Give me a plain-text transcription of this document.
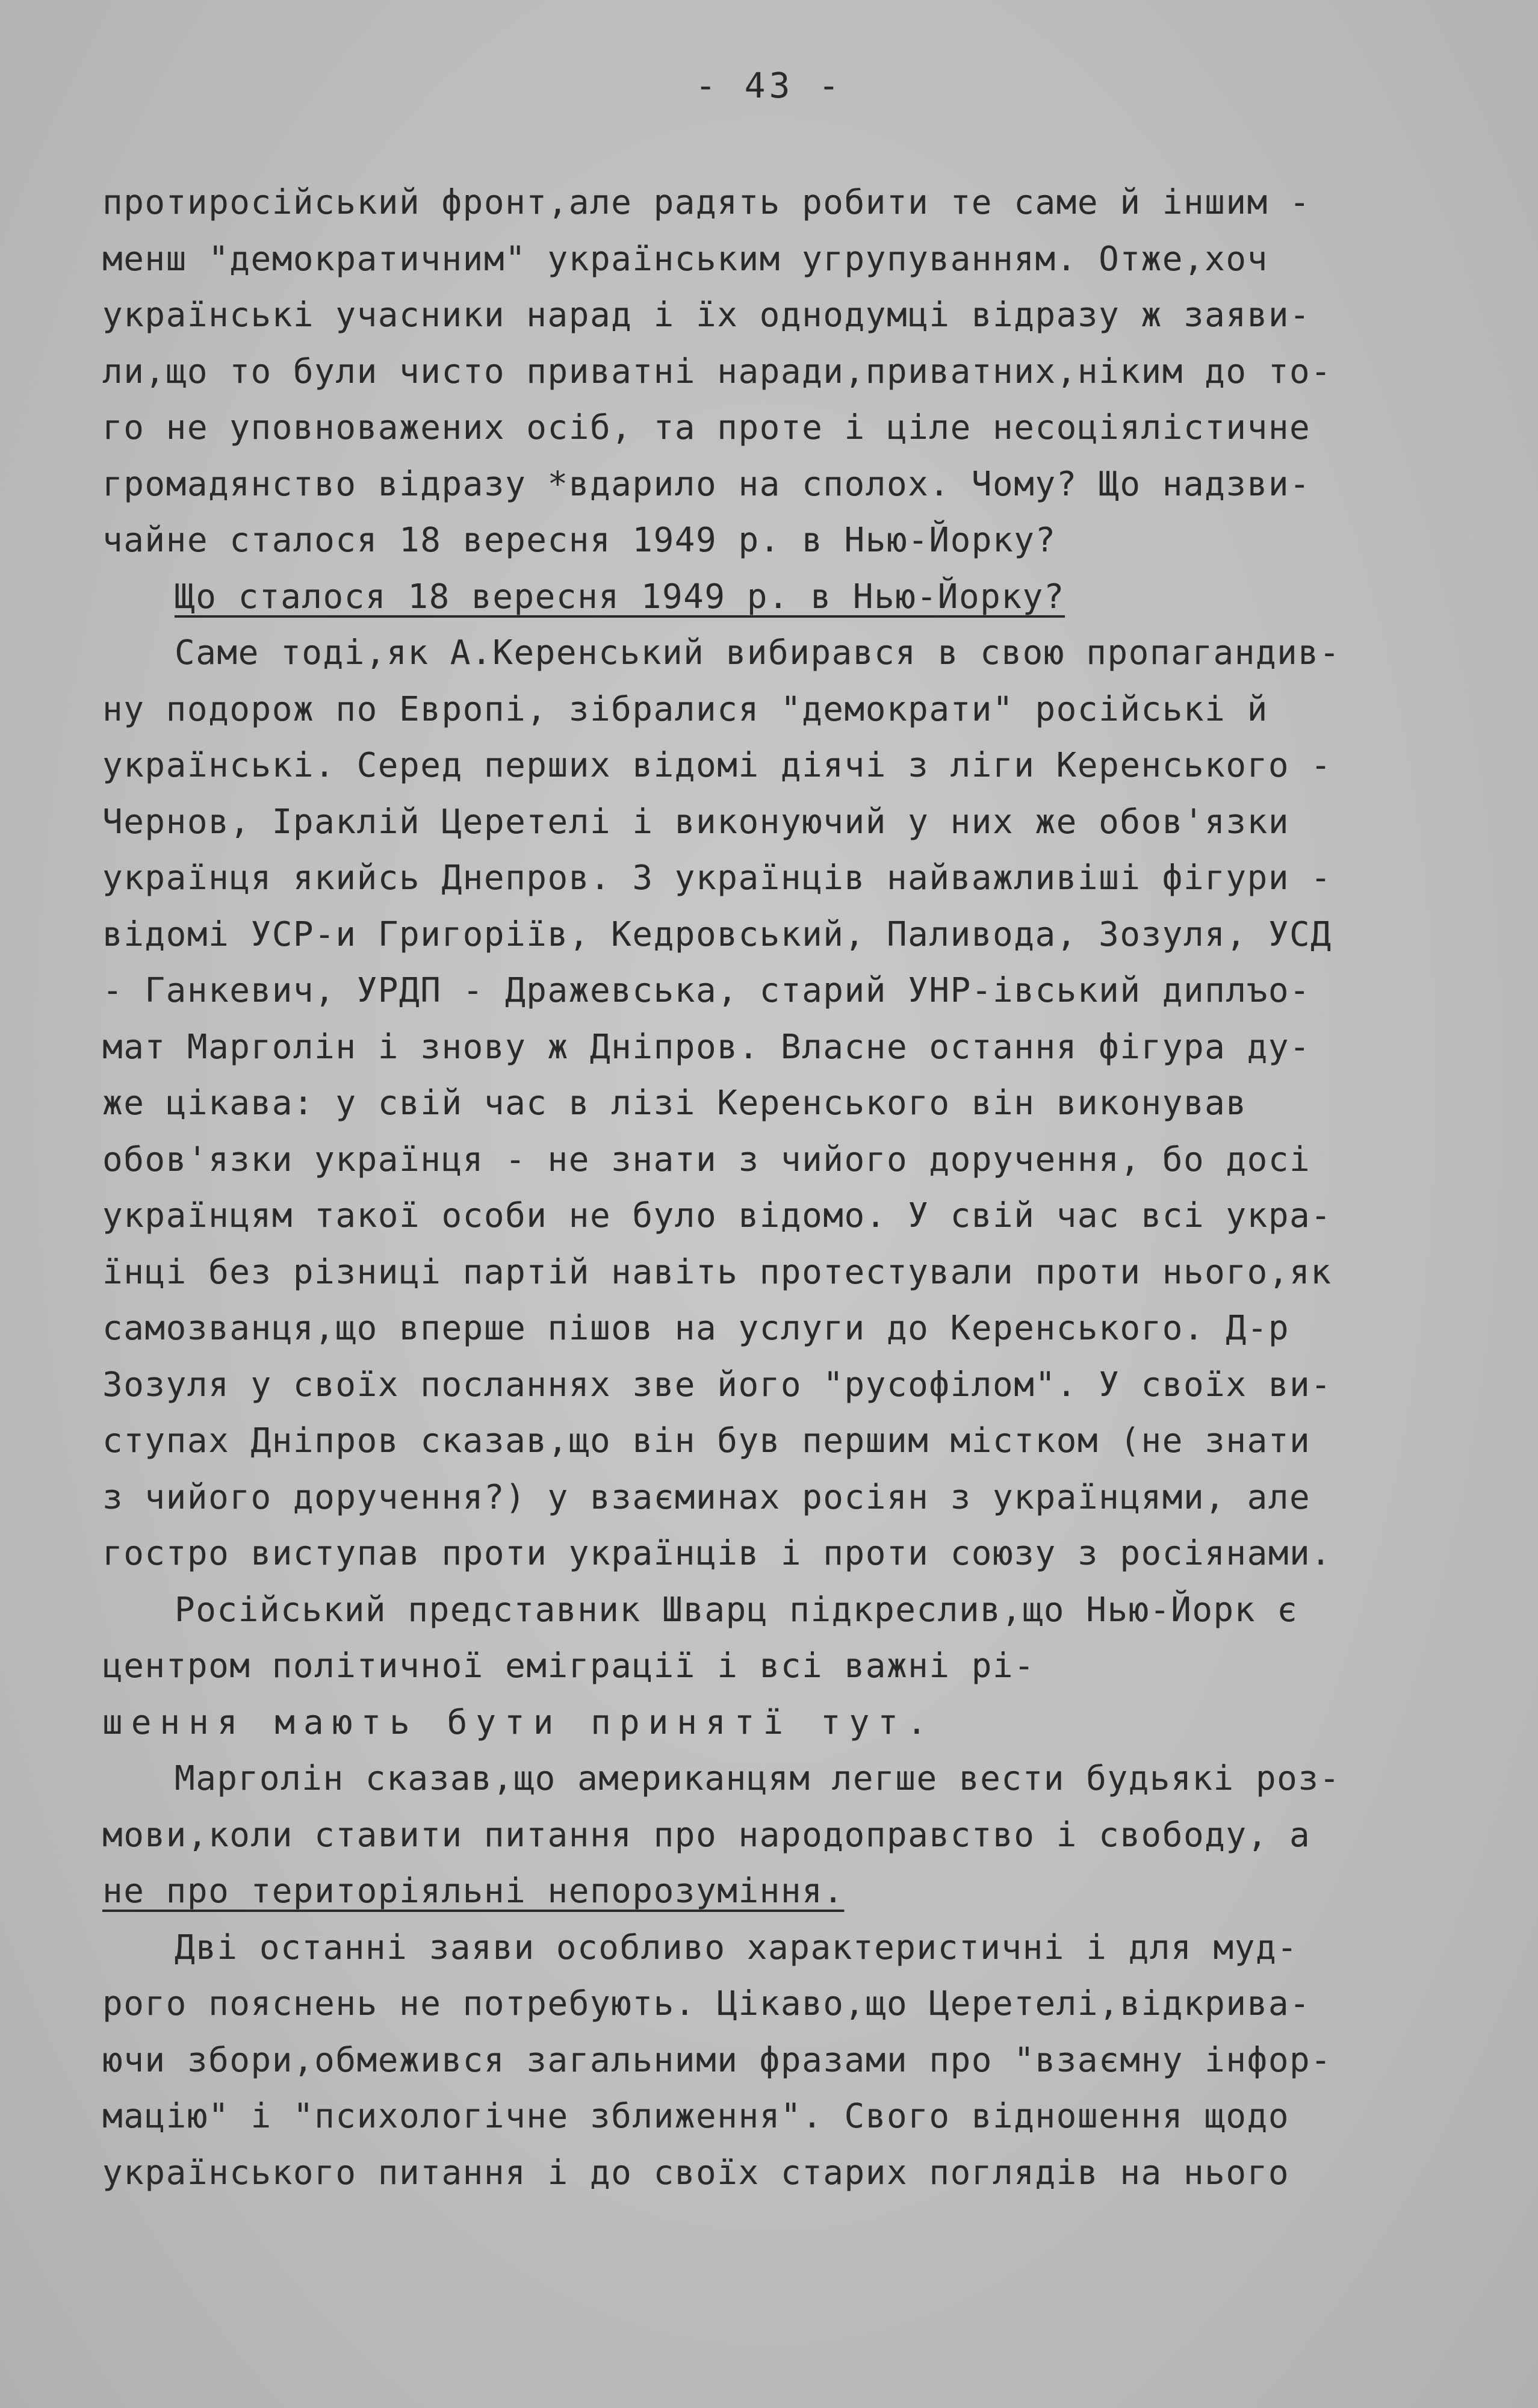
- 43 -
протиросійський фронт,але радять робити те саме й іншим -
менш "демократичним" українським угрупуванням. Отже,хоч
українські учасники нарад і їх однодумці відразу ж заяви-
ли,що то були чисто приватні наради,приватних,ніким до то-
го не уповноважених осіб, та проте і ціле несоціялістичне
громадянство відразу *вдарило на сполох. Чому? Що надзви-
чайне сталося 18 вересня 1949 р. в Нью-Йорку?
Що сталося 18 вересня 1949 р. в Нью-Йорку?
Саме тоді,як А.Керенський вибирався в свою пропагандив-
ну подорож по Европі, зібралися "демократи" російські й
українські. Серед перших відомі діячі з ліги Керенського -
Чернов, Іраклій Церетелі і виконуючий у них же обов'язки
українця якийсь Днепров. З українців найважливіші фігури -
відомі УСР-и Григоріїв, Кедровський, Паливода, Зозуля, УСД
- Ганкевич, УРДП - Дражевська, старий УНР-івський диплъо-
мат Марголін і знову ж Дніпров. Власне остання фігура ду-
же цікава: у свій час в лізі Керенського він виконував
обов'язки українця - не знати з чийого доручення, бо досі
українцям такої особи не було відомо. У свій час всі укра-
їнці без різниці партій навіть протестували проти нього,як
самозванця,що вперше пішов на услуги до Керенського. Д-р
Зозуля у своїх посланнях зве його "русофілом". У своїх ви-
ступах Дніпров сказав,що він був першим містком (не знати
з чийого доручення?) у взаєминах росіян з українцями, але
гостро виступав проти українців і проти союзу з росіянами.
Російський представник Шварц підкреслив,що Нью-Йорк є
центром політичної еміграції і всі важні рі-
шення мають бути принятї тут.
Марголін сказав,що американцям легше вести будьякі роз-
мови,коли ставити питання про народоправство і свободу, а
не про територіяльні непорозуміння.
Дві останні заяви особливо характеристичні і для муд-
рого пояснень не потребують. Цікаво,що Церетелі,відкрива-
ючи збори,обмежився загальними фразами про "взаємну інфор-
мацію" і "психологічне зближення". Свого відношення щодо
українського питання і до своїх старих поглядів на нього
